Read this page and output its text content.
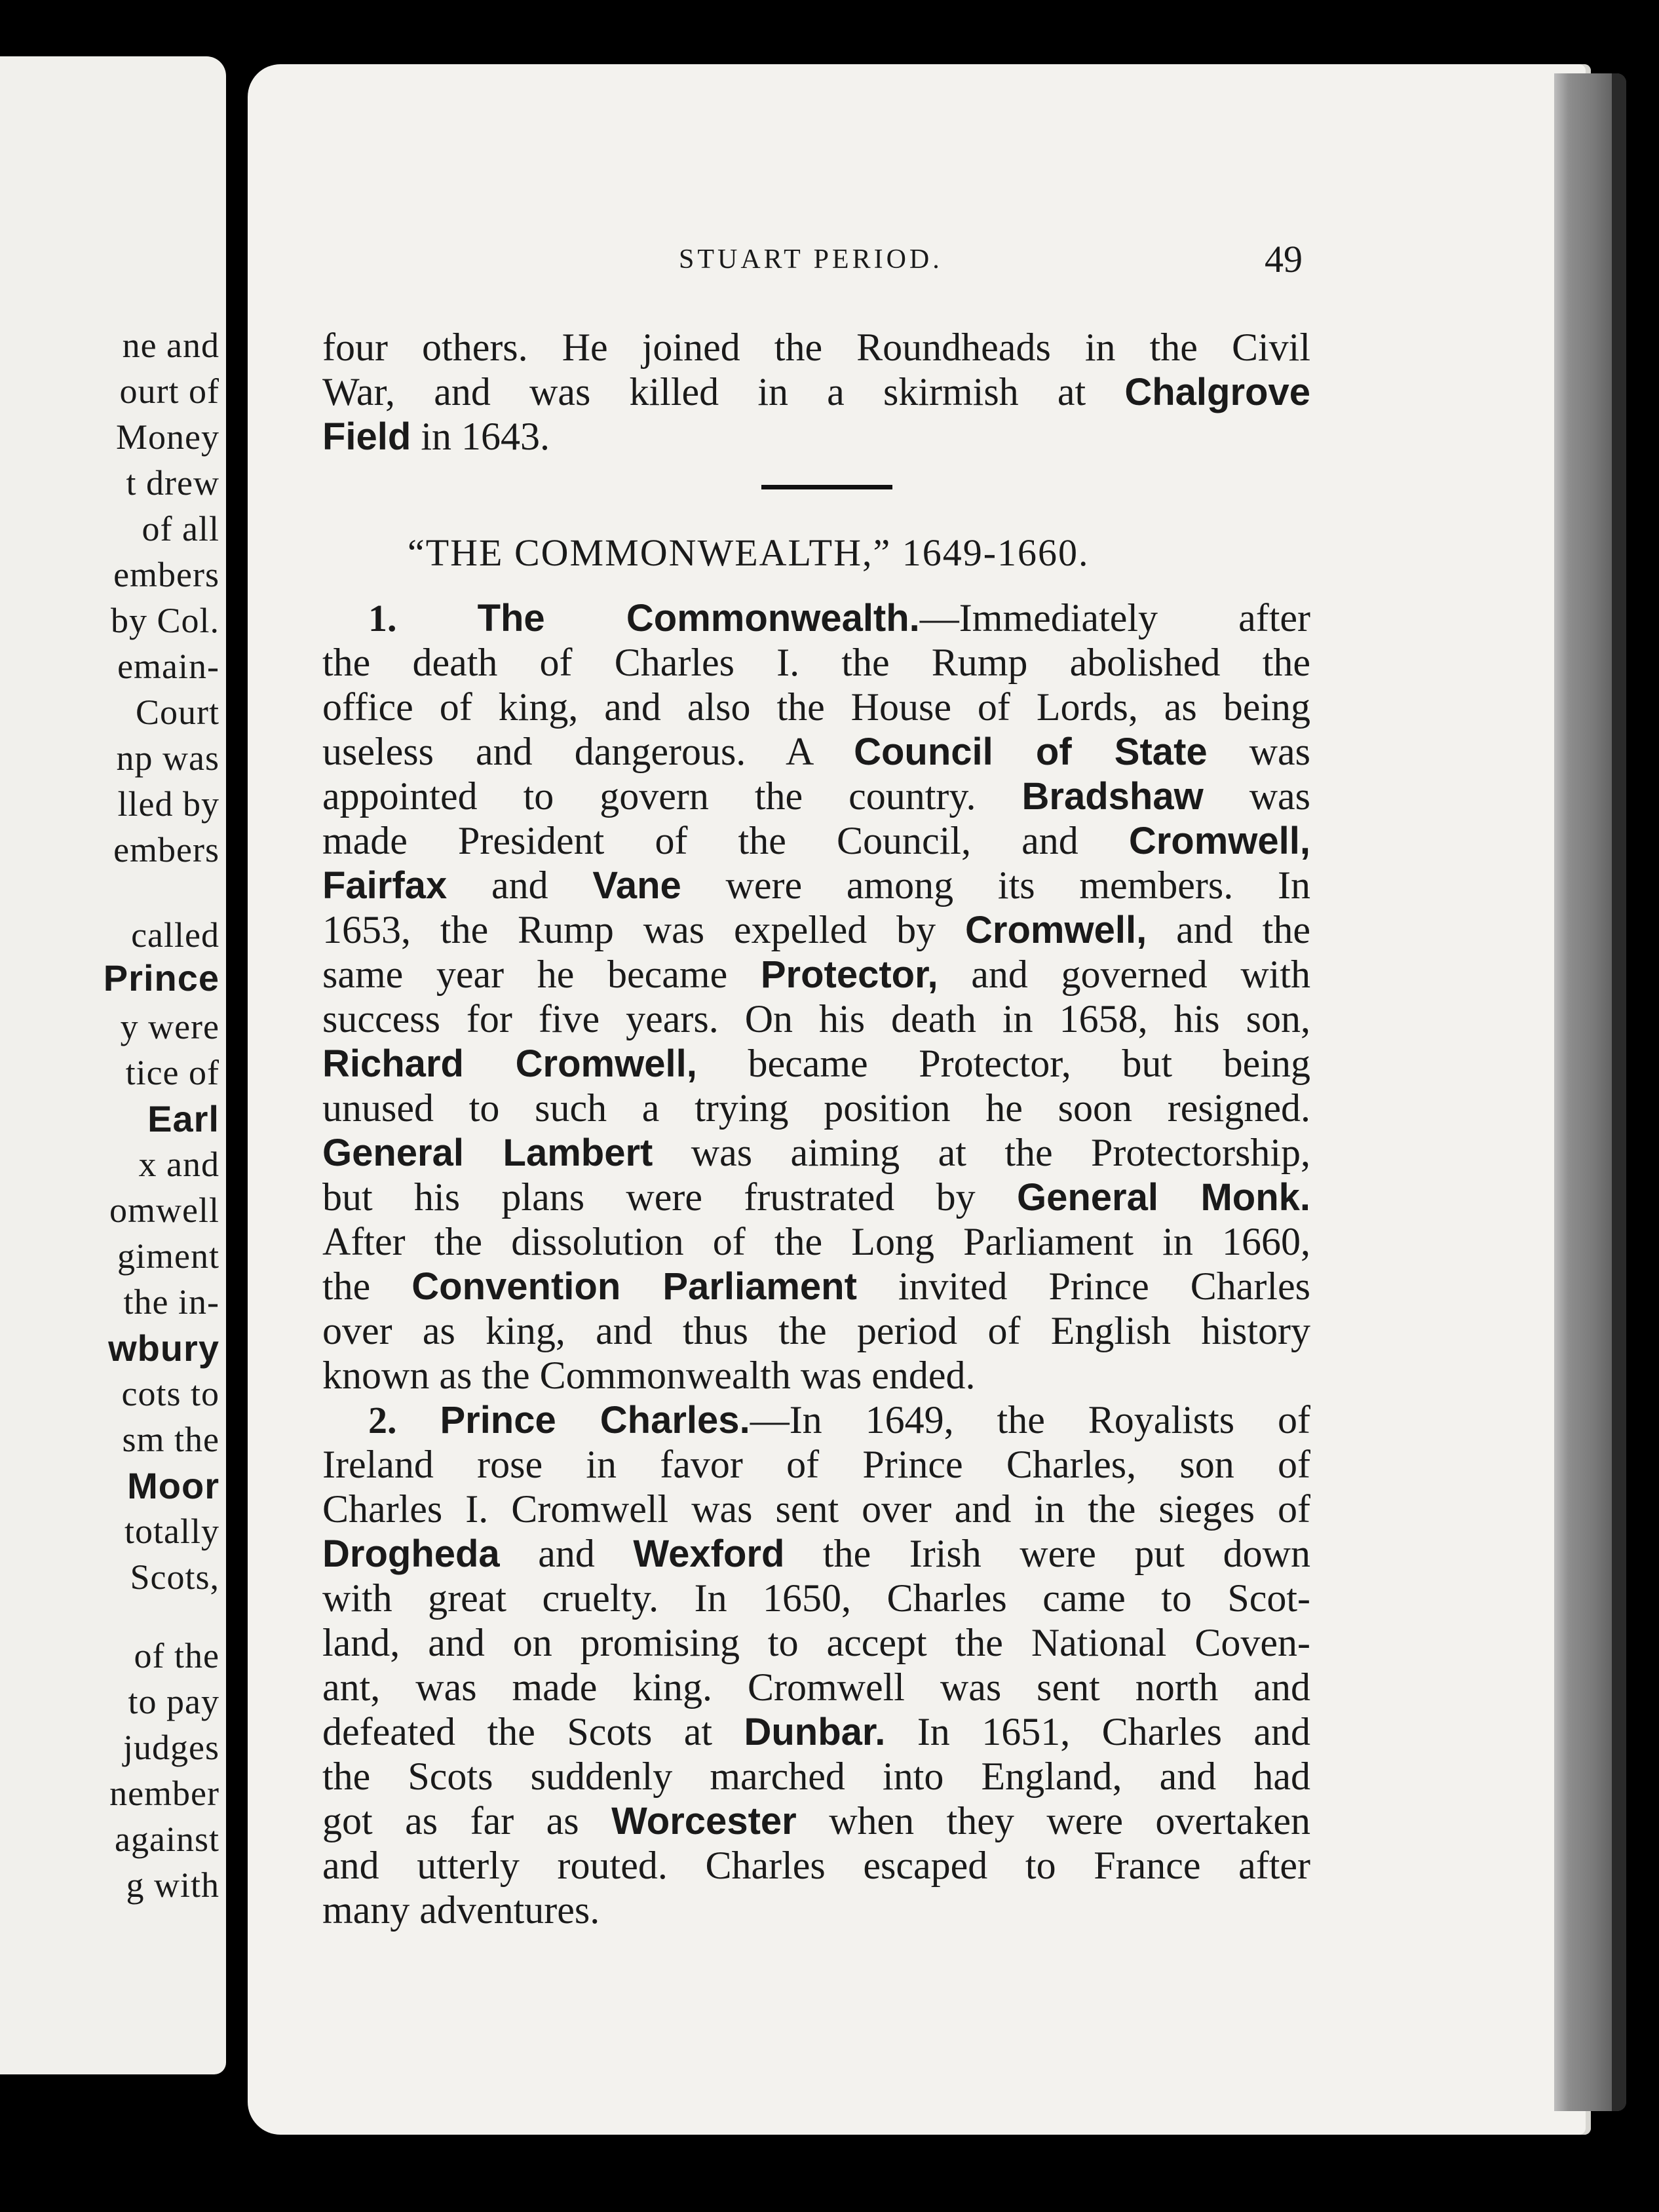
ne and
ourt of
Money
t drew
of all
embers
by Col.
emain-
Court
np was
lled by
embers
called
Prince
y were
tice of
Earl
x and
omwell
giment
the in-
wbury
cots to
sm the
Moor
totally
Scots,
of the
to pay
judges
nember
against
g with
STUART PERIOD.	49
four others. He joined the Roundheads in the Civil
War, and was killed in a skirmish at Chalgrove
Field in 1643.
“THE COMMONWEALTH,” 1649-1660.
1. The Commonwealth.—Immediately after
the death of Charles I. the Rump abolished the
office of king, and also the House of Lords, as being
useless and dangerous. A Council of State was
appointed to govern the country. Bradshaw was
made President of the Council, and Cromwell,
Fairfax and Vane were among its members. In
1653, the Rump was expelled by Cromwell, and the
same year he became Protector, and governed with
success for five years. On his death in 1658, his son,
Richard Cromwell, became Protector, but being
unused to such a trying position he soon resigned.
General Lambert was aiming at the Protectorship,
but his plans were frustrated by General Monk.
After the dissolution of the Long Parliament in 1660,
the Convention Parliament invited Prince Charles
over as king, and thus the period of English history
known as the Commonwealth was ended.
2. Prince Charles.—In 1649, the Royalists of
Ireland rose in favor of Prince Charles, son of
Charles I. Cromwell was sent over and in the sieges of
Drogheda and Wexford the Irish were put down
with great cruelty. In 1650, Charles came to Scot-
land, and on promising to accept the National Coven-
ant, was made king. Cromwell was sent north and
defeated the Scots at Dunbar. In 1651, Charles and
the Scots suddenly marched into England, and had
got as far as Worcester when they were overtaken
and utterly routed. Charles escaped to France after
many adventures.
